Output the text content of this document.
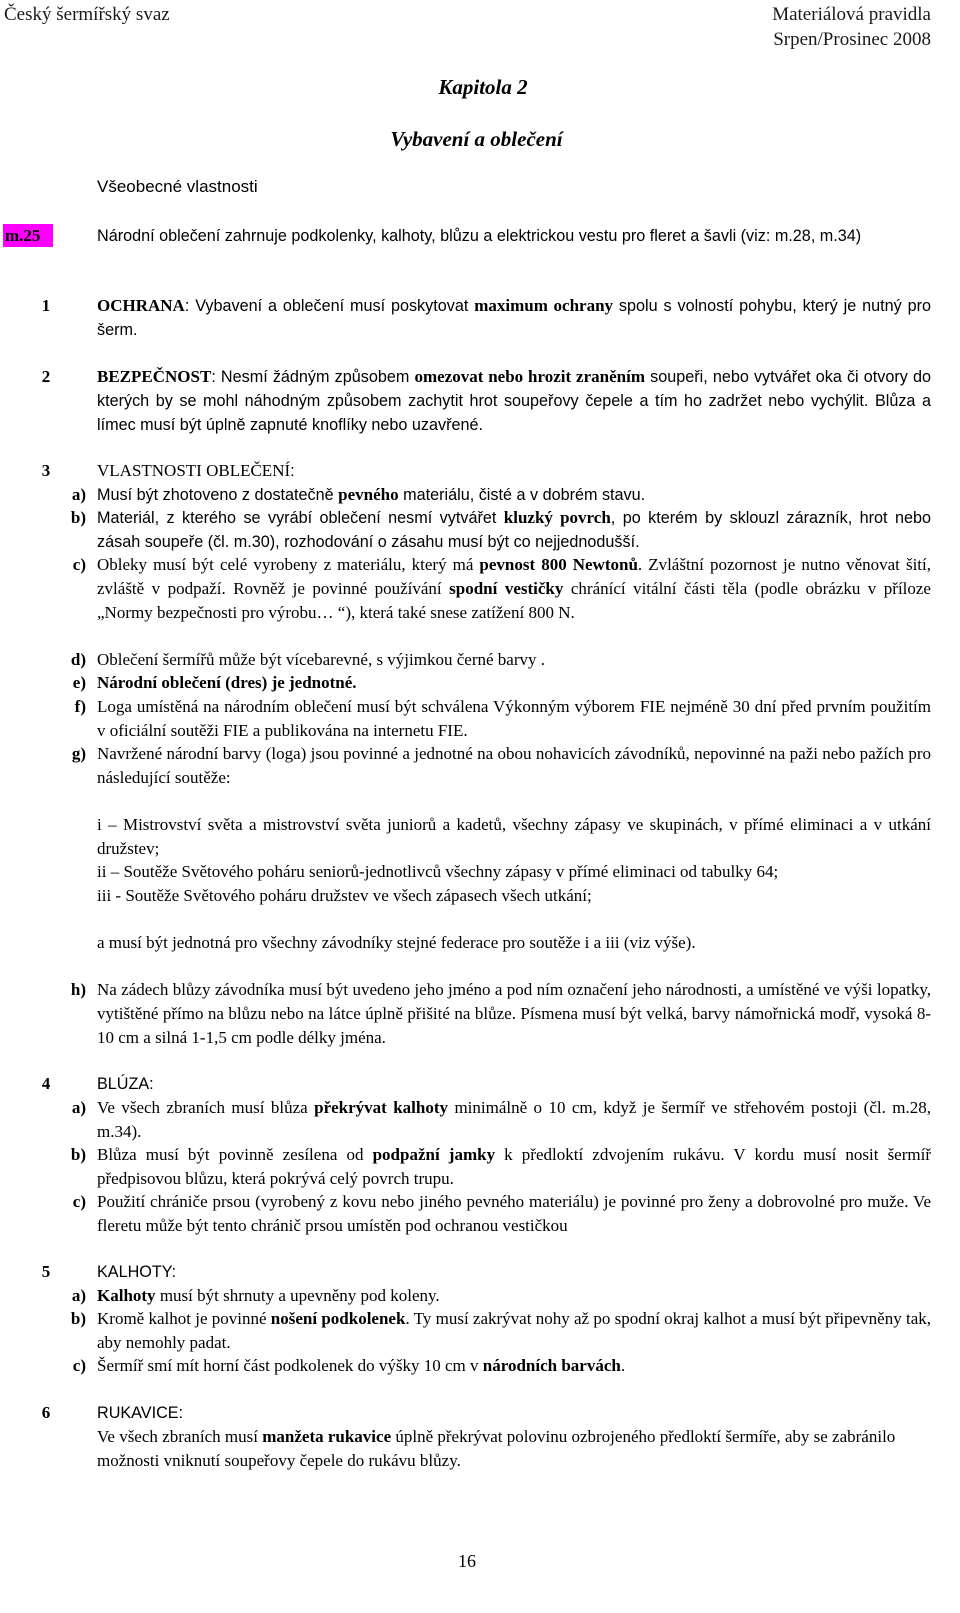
Český šermířský svaz	Materiálová pravidla
Srpen/Prosinec 2008
Kapitola 2
Vybavení a oblečení
Všeobecné vlastnosti
m.25	Národní oblečení zahrnuje podkolenky, kalhoty, blůzu a elektrickou vestu pro fleret a šavli (viz: m.28, m.34)
1	OCHRANA: Vybavení a oblečení musí poskytovat maximum ochrany spolu s volností pohybu, který je nutný pro šerm.
2	BEZPEČNOST: Nesmí žádným způsobem omezovat nebo hrozit zraněním soupeři, nebo vytvářet oka či otvory do kterých by se mohl náhodným způsobem zachytit hrot soupeřovy čepele a tím ho zadržet nebo vychýlit. Blůza a límec musí být úplně zapnuté knoflíky nebo uzavřené.
3	VLASTNOSTI OBLEČENÍ:
a) Musí být zhotoveno z dostatečně pevného materiálu, čisté a v dobrém stavu.
b) Materiál, z kterého se vyrábí oblečení nesmí vytvářet kluzký povrch, po kterém by sklouzl zárazník, hrot nebo zásah soupeře (čl. m.30), rozhodování o zásahu musí být co nejjednodušší.
c) Obleky musí být celé vyrobeny z materiálu, který má pevnost 800 Newtonů. Zvláštní pozornost je nutno věnovat šití, zvláště v podpaží. Rovněž je povinné používání spodní vestičky chránící vitální části těla (podle obrázku v příloze „Normy bezpečnosti pro výrobu… “), která také snese zatížení 800 N.
d) Oblečení šermířů může být vícebarevné, s výjimkou černé barvy .
e) Národní oblečení (dres) je jednotné.
f) Loga umístěná na národním oblečení musí být schválena Výkonným výborem FIE nejméně 30 dní před prvním použitím v oficiální soutěži FIE a publikována na internetu FIE.
g) Navržené národní barvy (loga) jsou povinné a jednotné na obou nohavicích závodníků, nepovinné na paži nebo pažích pro následující soutěže:
i – Mistrovství světa a mistrovství světa juniorů a kadetů, všechny zápasy ve skupinách, v přímé eliminaci a v utkání družstev;
ii – Soutěže Světového poháru seniorů-jednotlivců všechny zápasy v přímé eliminaci od tabulky 64;
iii - Soutěže Světového poháru družstev ve všech zápasech všech utkání;
a musí být jednotná pro všechny závodníky stejné federace pro soutěže i a iii (viz výše).
h) Na zádech blůzy závodníka musí být uvedeno jeho jméno a pod ním označení jeho národnosti, a umístěné ve výši lopatky, vytištěné přímo na blůzu nebo na látce úplně přišité na blůze. Písmena musí být velká, barvy námořnická modř, vysoká 8-10 cm a silná 1-1,5 cm podle délky jména.
4	BLÚZA:
a) Ve všech zbraních musí blůza překrývat kalhoty minimálně o 10 cm, když je šermíř ve střehovém postoji (čl. m.28, m.34).
b) Blůza musí být povinně zesílena od podpažní jamky k předloktí zdvojením rukávu. V kordu musí nosit šermíř předpisovou blůzu, která pokrývá celý povrch trupu.
c) Použití chrániče prsou (vyrobený z kovu nebo jiného pevného materiálu) je povinné pro ženy a dobrovolné pro muže. Ve fleretu může být tento chránič prsou umístěn pod ochranou vestičkou
5	KALHOTY:
a) Kalhoty musí být shrnuty a upevněny pod koleny.
b) Kromě kalhot je povinné nošení podkolenek. Ty musí zakrývat nohy až po spodní okraj kalhot a musí být připevněny tak, aby nemohly padat.
c) Šermíř smí mít horní část podkolenek do výšky 10 cm v národních barvách.
6	RUKAVICE:
Ve všech zbraních musí manžeta rukavice úplně překrývat polovinu ozbrojeného předloktí šermíře, aby se zabránilo možnosti vniknutí soupeřovy čepele do rukávu blůzy.
16
